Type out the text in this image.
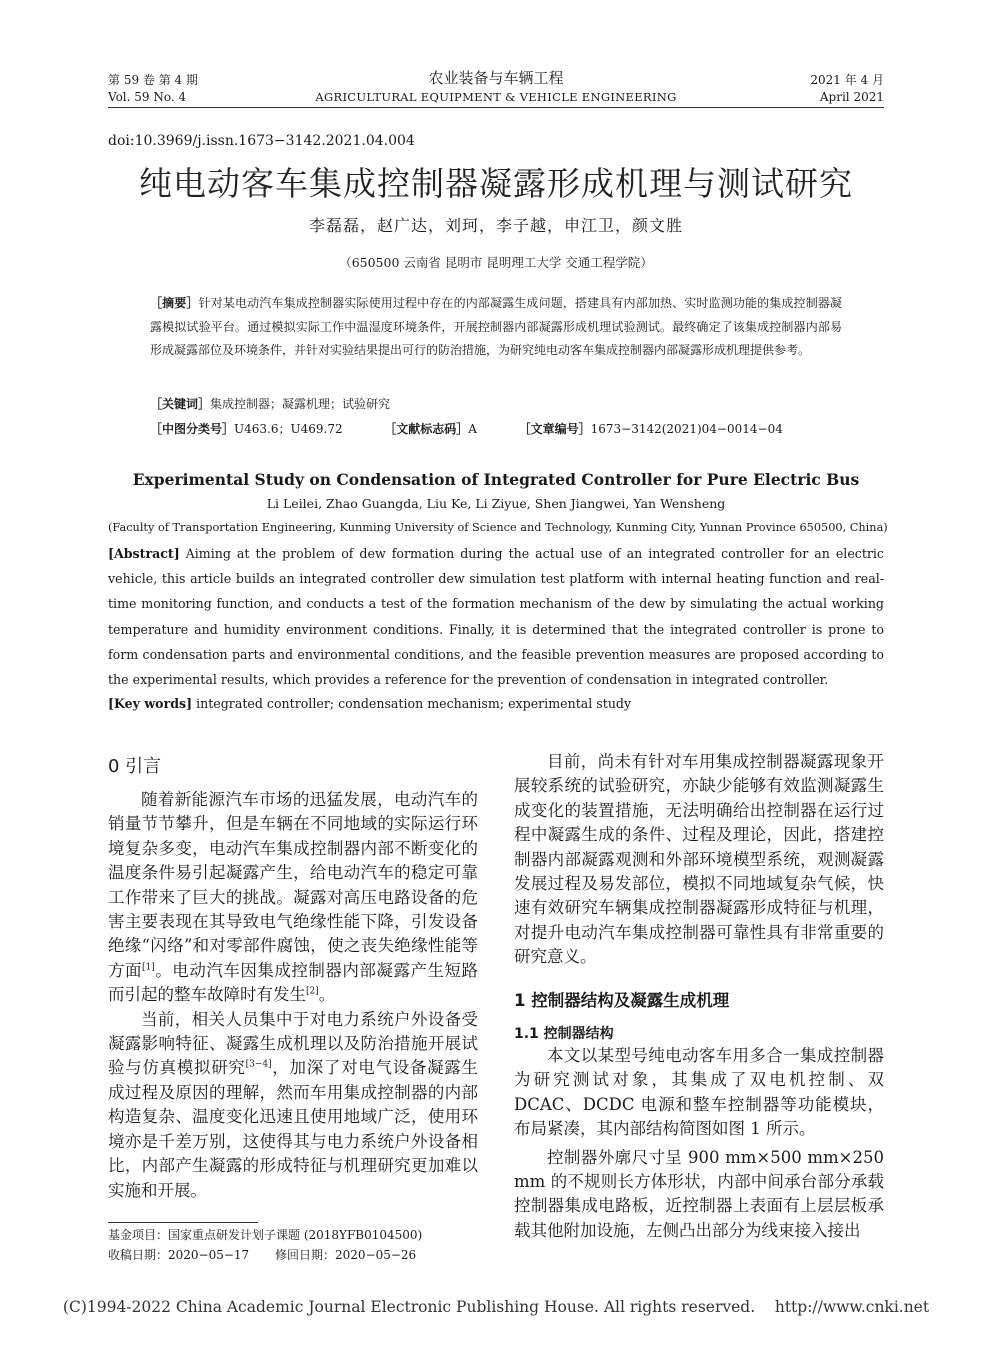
第 59 卷 第 4 期
Vol. 59 No. 4
农业装备与车辆工程
AGRICULTURAL EQUIPMENT & VEHICLE ENGINEERING
2021 年 4 月
April 2021
doi:10.3969/j.issn.1673−3142.2021.04.004
纯电动客车集成控制器凝露形成机理与测试研究
李磊磊，赵广达，刘珂，李子越，申江卫，颜文胜
（650500 云南省 昆明市 昆明理工大学 交通工程学院）
［摘要］针对某电动汽车集成控制器实际使用过程中存在的内部凝露生成问题，搭建具有内部加热、实时监测功能的集成控制器凝露模拟试验平台。通过模拟实际工作中温湿度环境条件，开展控制器内部凝露形成机理试验测试。最终确定了该集成控制器内部易形成凝露部位及环境条件，并针对实验结果提出可行的防治措施，为研究纯电动客车集成控制器内部凝露形成机理提供参考。
［关键词］集成控制器；凝露机理；试验研究
［中图分类号］U463.6；U469.72	［文献标志码］A	［文章编号］1673−3142(2021)04−0014−04
Experimental Study on Condensation of Integrated Controller for Pure Electric Bus
Li Leilei, Zhao Guangda, Liu Ke, Li Ziyue, Shen Jiangwei, Yan Wensheng
(Faculty of Transportation Engineering, Kunming University of Science and Technology, Kunming City, Yunnan Province 650500, China)
[Abstract] Aiming at the problem of dew formation during the actual use of an integrated controller for an electric vehicle, this article builds an integrated controller dew simulation test platform with internal heating function and real-time monitoring function, and conducts a test of the formation mechanism of the dew by simulating the actual working temperature and humidity environment conditions. Finally, it is determined that the integrated controller is prone to form condensation parts and environmental conditions, and the feasible prevention measures are proposed according to the experimental results, which provides a reference for the prevention of condensation in integrated controller.
[Key words] integrated controller; condensation mechanism; experimental study
0 引言

随着新能源汽车市场的迅猛发展，电动汽车的销量节节攀升，但是车辆在不同地域的实际运行环境复杂多变，电动汽车集成控制器内部不断变化的温度条件易引起凝露产生，给电动汽车的稳定可靠工作带来了巨大的挑战。凝露对高压电路设备的危害主要表现在其导致电气绝缘性能下降，引发设备绝缘“闪络”和对零部件腐蚀，使之丧失绝缘性能等方面[1]。电动汽车因集成控制器内部凝露产生短路而引起的整车故障时有发生[2]。

当前，相关人员集中于对电力系统户外设备受凝露影响特征、凝露生成机理以及防治措施开展试验与仿真模拟研究[3−4]，加深了对电气设备凝露生成过程及原因的理解，然而车用集成控制器的内部构造复杂、温度变化迅速且使用地域广泛，使用环境亦是千差万别，这使得其与电力系统户外设备相比，内部产生凝露的形成特征与机理研究更加难以实施和开展。

基金项目：国家重点研发计划子课题 (2018YFB0104500)
收稿日期：2020−05−17 修回日期：2020−05−26

目前，尚未有针对车用集成控制器凝露现象开展较系统的试验研究，亦缺少能够有效监测凝露生成变化的装置措施，无法明确给出控制器在运行过程中凝露生成的条件、过程及理论，因此，搭建控制器内部凝露观测和外部环境模型系统，观测凝露发展过程及易发部位，模拟不同地域复杂气候，快速有效研究车辆集成控制器凝露形成特征与机理，对提升电动汽车集成控制器可靠性具有非常重要的研究意义。

1 控制器结构及凝露生成机理
1.1 控制器结构

本文以某型号纯电动客车用多合一集成控制器为研究测试对象，其集成了双电机控制、双 DCAC、DCDC 电源和整车控制器等功能模块，布局紧凑，其内部结构简图如图 1 所示。

控制器外廓尺寸呈 900 mm×500 mm×250 mm 的不规则长方体形状，内部中间承台部分承载控制器集成电路板，近控制器上表面有上层层板承载其他附加设施，左侧凸出部分为线束接入接出

(C)1994-2022 China Academic Journal Electronic Publishing House. All rights reserved.    http://www.cnki.net
